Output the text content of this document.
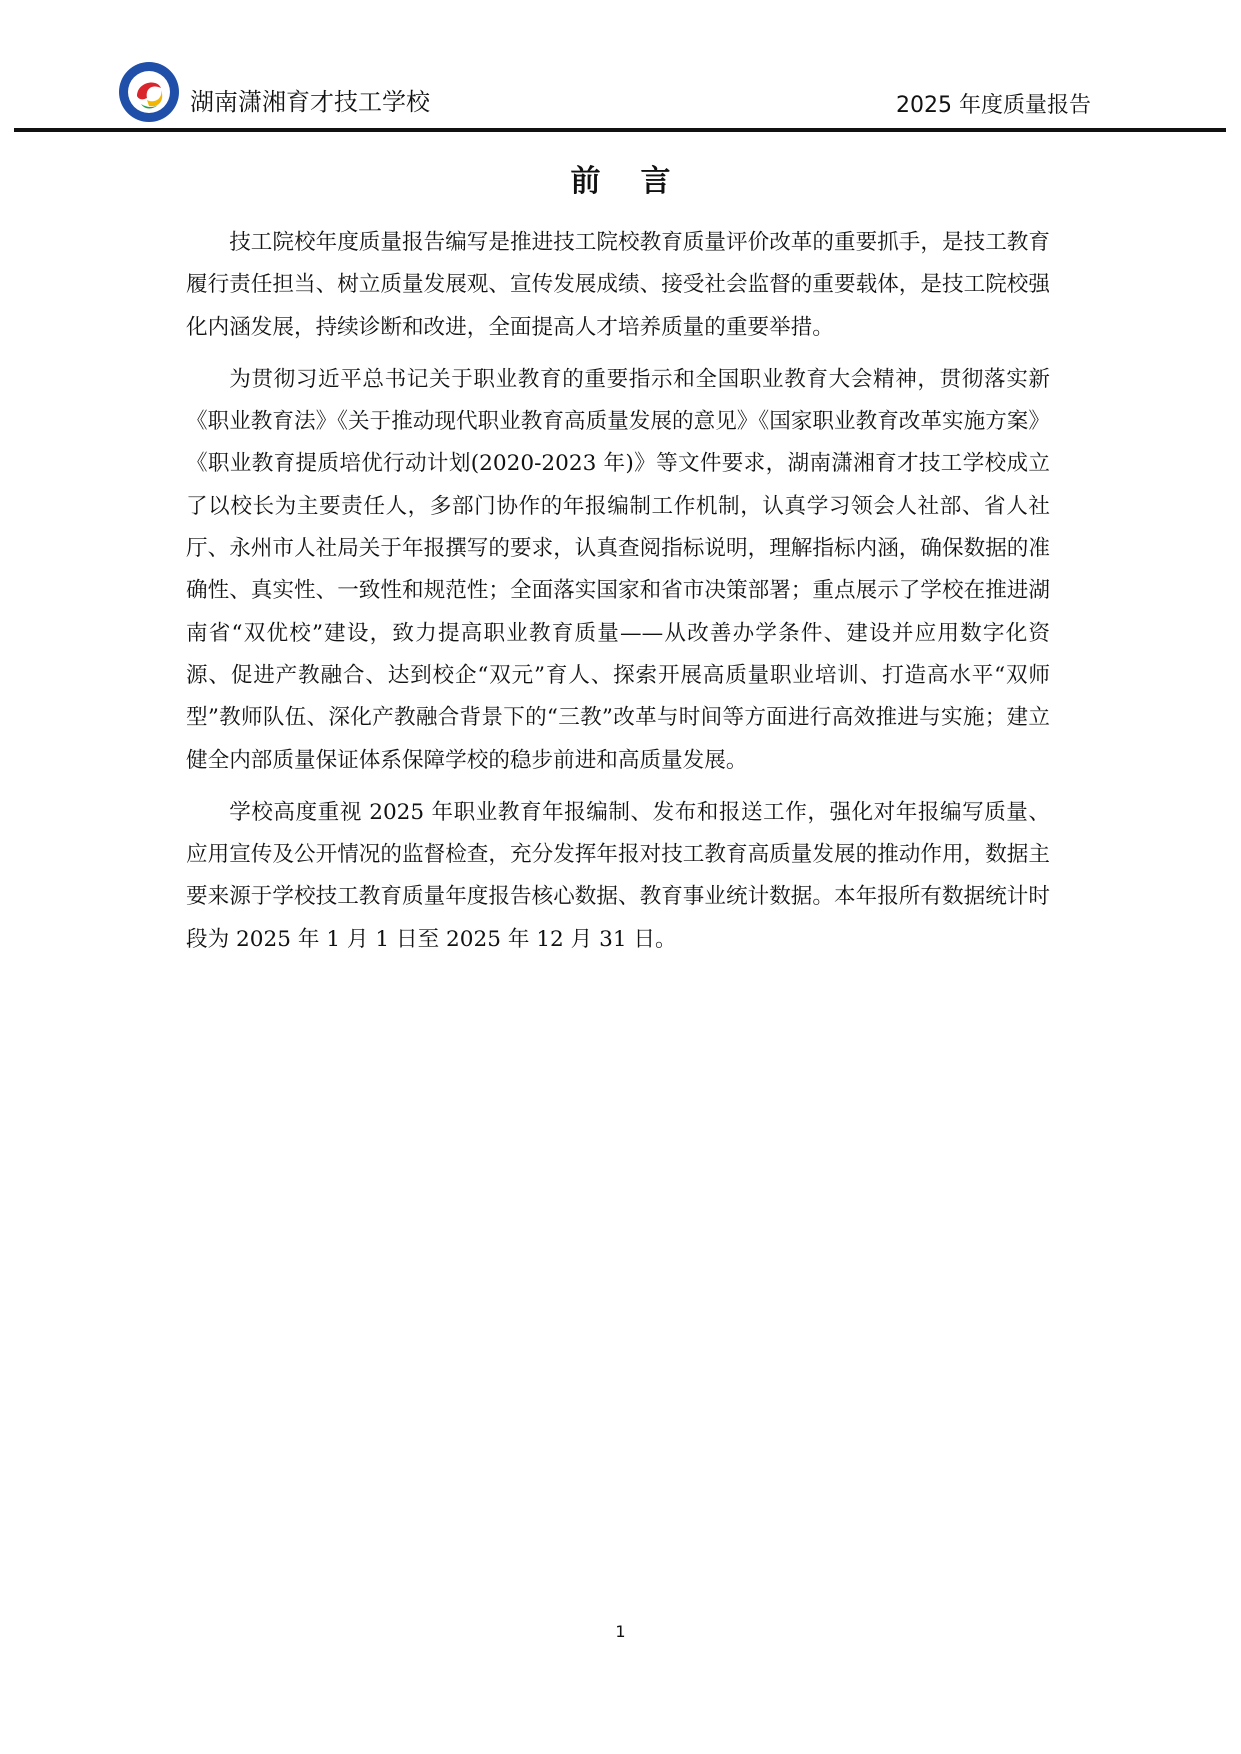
湖南潇湘育才技工学校	2025 年度质量报告
前言

技工院校年度质量报告编写是推进技工院校教育质量评价改革的重要抓手，是技工教育履行责任担当、树立质量发展观、宣传发展成绩、接受社会监督的重要载体，是技工院校强化内涵发展，持续诊断和改进，全面提高人才培养质量的重要举措。

为贯彻习近平总书记关于职业教育的重要指示和全国职业教育大会精神，贯彻落实新《职业教育法》《关于推动现代职业教育高质量发展的意见》《国家职业教育改革实施方案》《职业教育提质培优行动计划(2020-2023 年)》等文件要求，湖南潇湘育才技工学校成立了以校长为主要责任人，多部门协作的年报编制工作机制，认真学习领会人社部、省人社厅、永州市人社局关于年报撰写的要求，认真查阅指标说明，理解指标内涵，确保数据的准确性、真实性、一致性和规范性；全面落实国家和省市决策部署；重点展示了学校在推进湖南省“双优校”建设，致力提高职业教育质量——从改善办学条件、建设并应用数字化资源、促进产教融合、达到校企“双元”育人、探索开展高质量职业培训、打造高水平“双师型”教师队伍、深化产教融合背景下的“三教”改革与时间等方面进行高效推进与实施；建立健全内部质量保证体系保障学校的稳步前进和高质量发展。

学校高度重视 2025 年职业教育年报编制、发布和报送工作，强化对年报编写质量、应用宣传及公开情况的监督检查，充分发挥年报对技工教育高质量发展的推动作用，数据主要来源于学校技工教育质量年度报告核心数据、教育事业统计数据。本年报所有数据统计时段为 2025 年 1 月 1 日至 2025 年 12 月 31 日。

1
